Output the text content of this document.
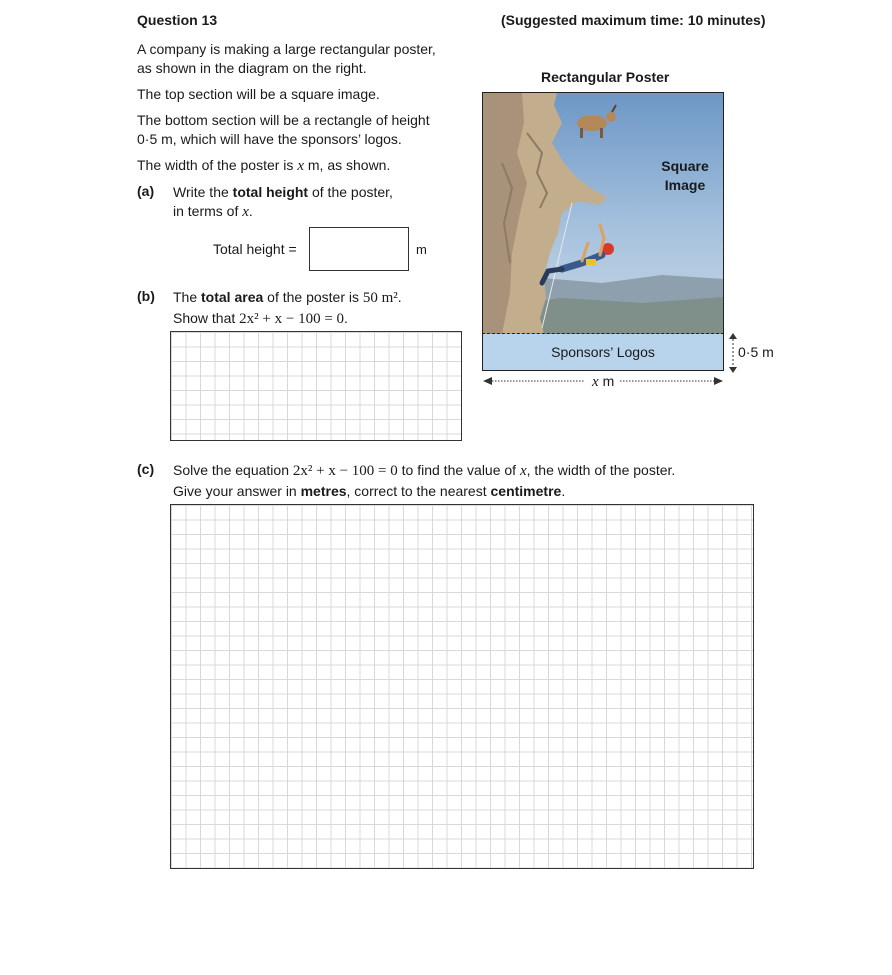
Question 13	(Suggested maximum time: 10 minutes)
A company is making a large rectangular poster,
as shown in the diagram on the right.
The top section will be a square image.
The bottom section will be a rectangle of height
0·5 m, which will have the sponsors’ logos.
The width of the poster is x m, as shown.
(a) Write the total height of the poster,
in terms of x.
Total height =	m
(b) The total area of the poster is 50 m².
Show that 2x² + x − 100 = 0.
Rectangular Poster
Square
Image
Sponsors’ Logos	0·5 m
x m
(c) Solve the equation 2x² + x − 100 = 0 to find the value of x, the width of the poster.
Give your answer in metres, correct to the nearest centimetre.
